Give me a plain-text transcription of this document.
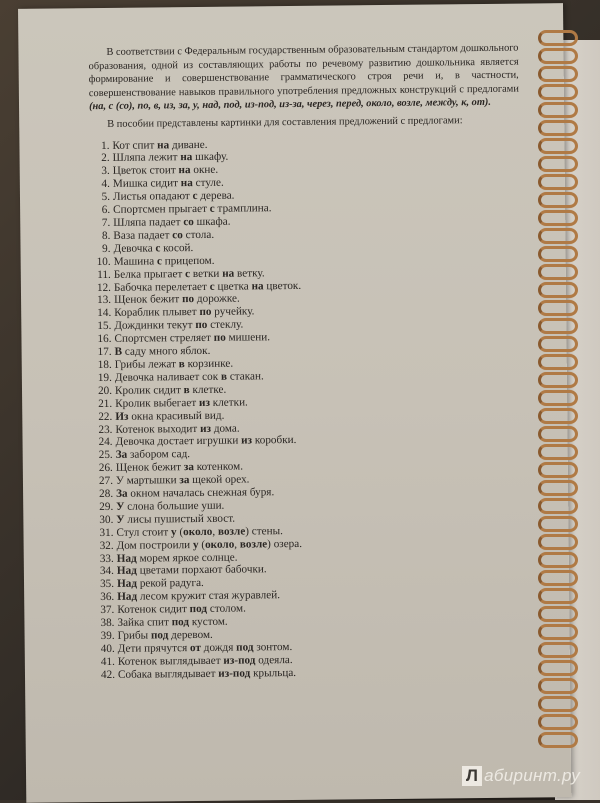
В соответствии с Федеральным государственным образовательным стандартом дошкольного образования, одной из составляющих работы по речевому развитию дошкольника является формирование и совершенствование грамматического строя речи и, в частности, совершенствование навыков правильного употребления предложных конструкций с предлогами (на, с (со), по, в, из, за, у, над, под, из-под, из-за, через, перед, около, возле, между, к, от).

В пособии представлены картинки для составления предложений с предлогами:

1. Кот спит на диване.
2. Шляпа лежит на шкафу.
3. Цветок стоит на окне.
4. Мишка сидит на стуле.
5. Листья опадают с дерева.
6. Спортсмен прыгает с трамплина.
7. Шляпа падает со шкафа.
8. Ваза падает со стола.
9. Девочка с косой.
10. Машина с прицепом.
11. Белка прыгает с ветки на ветку.
12. Бабочка перелетает с цветка на цветок.
13. Щенок бежит по дорожке.
14. Кораблик плывет по ручейку.
15. Дождинки текут по стеклу.
16. Спортсмен стреляет по мишени.
17. В саду много яблок.
18. Грибы лежат в корзинке.
19. Девочка наливает сок в стакан.
20. Кролик сидит в клетке.
21. Кролик выбегает из клетки.
22. Из окна красивый вид.
23. Котенок выходит из дома.
24. Девочка достает игрушки из коробки.
25. За забором сад.
26. Щенок бежит за котенком.
27. У мартышки за щекой орех.
28. За окном началась снежная буря.
29. У слона большие уши.
30. У лисы пушистый хвост.
31. Стул стоит у (около, возле) стены.
32. Дом построили у (около, возле) озера.
33. Над морем яркое солнце.
34. Над цветами порхают бабочки.
35. Над рекой радуга.
36. Над лесом кружит стая журавлей.
37. Котенок сидит под столом.
38. Зайка спит под кустом.
39. Грибы под деревом.
40. Дети прячутся от дождя под зонтом.
41. Котенок выглядывает из-под одеяла.
42. Собака выглядывает из-под крыльца.
Л абиринт.ру
